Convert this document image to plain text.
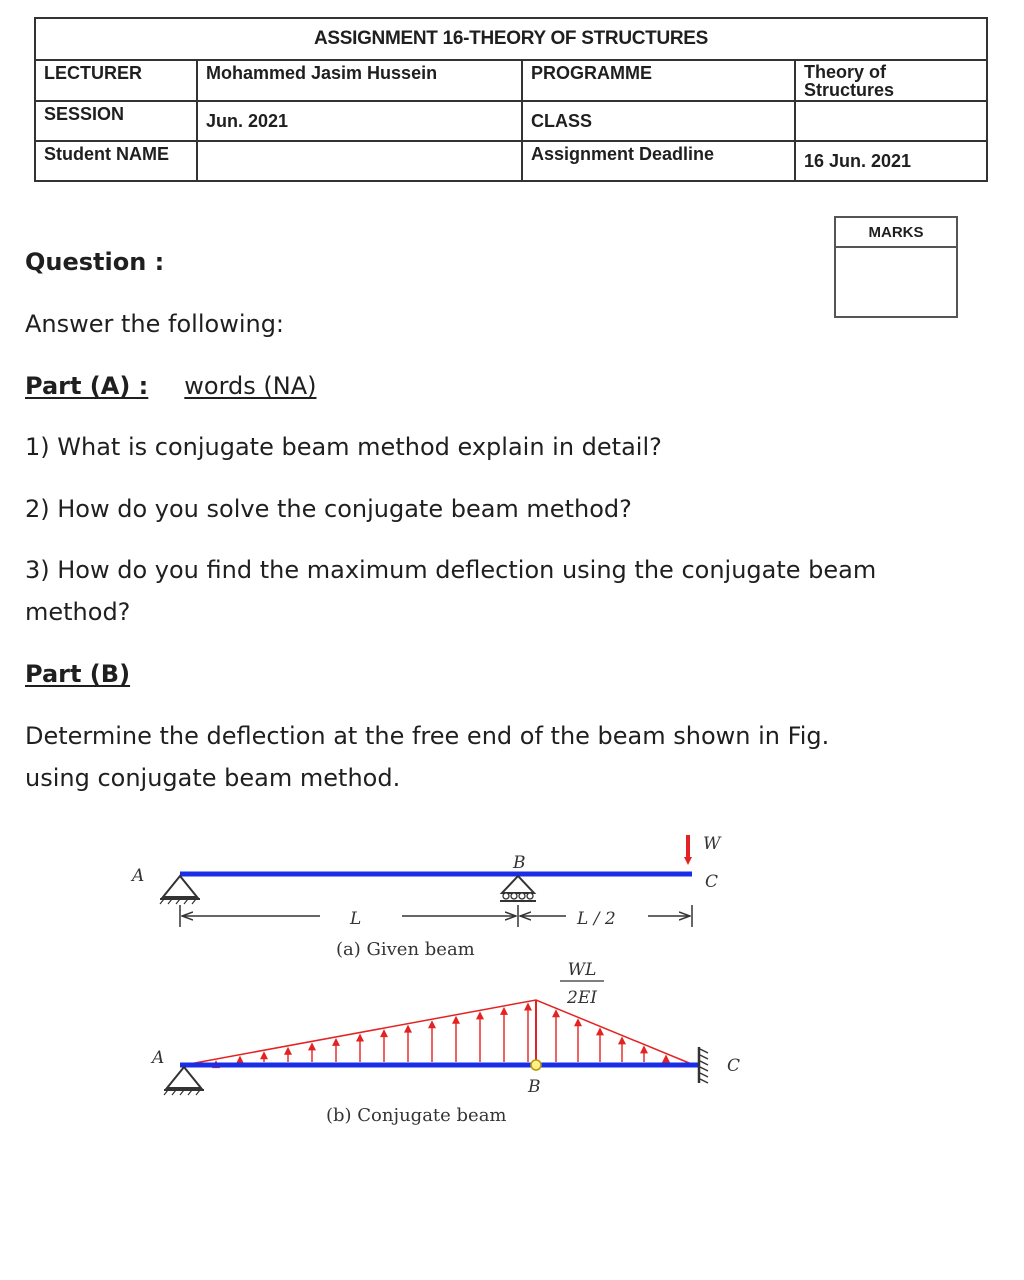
ASSIGNMENT 16-THEORY OF STRUCTURES			

LECTURER	Mohammed Jasim Hussein	PROGRAMME	Theory of Structures

SESSION	Jun. 2021	CLASS	

Student NAME		Assignment Deadline	16 Jun. 2021
MARKS
Question :
Answer the following:
Part (A) : words (NA)
1) What is conjugate beam method explain in detail?
2) How do you solve the conjugate beam method?
3) How do you find the maximum deflection using the conjugate beam method?
Part (B)
Determine the deflection at the free end of the beam shown in Fig. using conjugate beam method.
W
A
B
C
L	L / 2
(a) Given beam
A
B
C
WL
2EI
(b) Conjugate beam
